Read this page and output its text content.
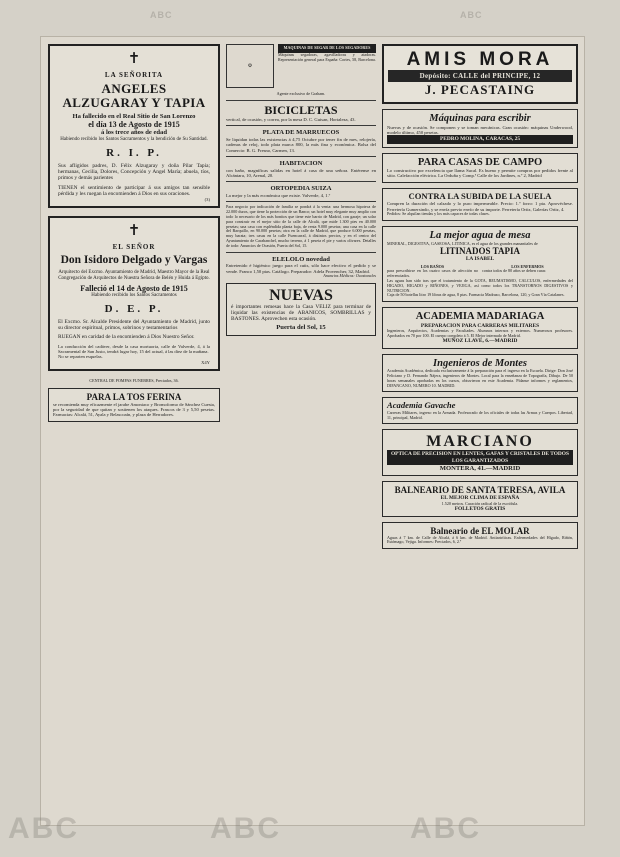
✝
LA SEÑORITA
ANGELES ALZUGARAY Y TAPIA
Ha fallecido en el Real Sitio de San Lorenzo
el día 13 de Agosto de 1915
á los trece años de edad
Habiendo recibido los Santos Sacramentos y la bendición de Su Santidad.
R. I. P.
Sus afligidos padres, D. Félix Alzugaray y doña Pilar Tapia; hermanas, Cecilia, Dolores, Concepción y Angel María; abuela, tíos, primos y demás parientes
TIENEN el sentimiento de participar á sus amigos tan sensible pérdida y les ruegan la encomienden á Dios en sus oraciones.
(3)
✝
EL SEÑOR
Don Isidoro Delgado y Vargas
Arquitecto del Excmo. Ayuntamiento de Madrid, Maestro Mayor de la Real Congregación de Arquitectos de Nuestra Señora de Belén y Huida á Egipto.
Falleció el 14 de Agosto de 1915
Habiendo recibido los Santos Sacramentos
D. E. P.
El Excmo. Sr. Alcalde Presidente del Ayuntamiento de Madrid, junto su director espiritual, primos, sobrinos y testamentarios
RUEGAN en caridad de la encomienden á Dios Nuestro Señor.
La conducción del cadáver, desde la casa mortuoria, calle de Valverde, 4, á la Sacramental de San Justo, tendrá lugar hoy, 15 del actual, á las diez de la mañana.
No se reparten esquelas.
X4Y
CENTRAL DE POMPAS FUNEBRES, Preciados, 36.
PARA LA TOS FERINA
se recomienda muy eficazmente el jarabe Amoniaco y Bromoformo de Sánchez Cuesta, por la seguridad de que quitan y sostienen los ataques. Frascos de 3 y 5,50 pesetas. Farmacias: Alcalá, 51, Ayala y Belascoaín, y plaza de Herradores.
⚙
MAQUINAS DE SEGAR DE LOS SEGADORES
Máquinas segadoras, agavilladoras y atadoras. Representación general para España: Cortes, 58, Barcelona.
Agente exclusivo de Graham.
BICICLETAS
vertical, de ocasión, y correa, por la mesa D. C. Guisan, Hortaleza, 43.
PLATA DE MARRUECOS
Se liquidan todas las existencias á 4,75 Octubre por tener fin de mes, relojería, cadenas de reloj, todo plata marca 800, la más fina y económica. Bolsa del Comercio: B. G. Fresno, Carmen, 13.
HABITACION
con baño, magníficas salidas en hotel á casa de una señora. Entérense en Alcántara, 10, Arenal, 20.
ORTOPEDIA SUIZA
La mejor y la más económica que existe. Valverde, 4, 1.º
Para negocio por indicación de familia se pondrá á la venta: una hermosa hipoteca de 22.000 duros, que tiene la protección de un Banco; un hotel muy elegante muy amplio con todo lo necesario de los más bonitos que tiene este barrio de Madrid, con garaje; un solar para construir en el mejor sitio de la calle de Alcalá, que mide 1.300 pies en 40.000 pesetas; una casa con espléndida planta baja, de renta 9.000 pesetas; una casa en la calle del Barquillo, en 90.000 pesetas; otra en la calle de Madrid, que produce 6.000 pesetas, muy barata; tres casas en la calle Fuencarral, á distintos precios, y en el centro del Ayuntamiento de Carabanchel, mucho terreno, á 1 peseta el pie y varios olivares. Detalles de todo: Anuncios de Ocasión, Puerta del Sol, 15.
ELELOLO novedad
Entretenido é higiénico juego para el cutis, sólo hace efectivo el pedido y se vende. Franco 1,50 ptas. Catálogo. Preparador: Adela Provencher, 32, Madrid.
Anuncios Médicos: Ocasionales
NUEVAS
é importantes remesas hace la Casa VELIZ para terminar de liquidar las existencias de ABANICOS, SOMBRILLAS y BASTONES. Aprovechen esta ocasión.
Puerta del Sol, 15
AMIS MORA
Depósito: CALLE del PRINCIPE, 12
J. PECASTAING
Máquinas para escribir
Nuevas y de ocasión. Se componen y se toman mecánicas. Gran ocasión: máquinas Underwood, modelo último, 450 pesetas.
PEDRO MOLINA, CARACAS, 25
PARA CASAS DE CAMPO
Lo constructivo por excelencia que llama Sucal. Es bueno y permite compras por pedidos frente al sitio. Calefacción eléctrica. La Orduña y Comp.ª Calle de los Jardines, n.º 2, Madrid
CONTRA LA SUBIDA DE LA SUELA
Compren la duración del calzado y lo puro impermeable. Precio: 1.º forro: 1 pta. Aprovéchese. Ferretería Gumersindo, y se envía previo envío de su importe. Ferretería Ortiz, Galerías Ortiz, 4.
Pedidos: Se alquilan tiendas y los más capaces de todas clases.
La mejor agua de mesa
MINERAL, DIGESTIVA, GASEOSA, LITINICA, es el agua de los grandes manantiales de
LITINADOS TAPIA
LA ISABEL
LOS BAÑOS
para prescribirse en los cuatro casos de afección no referenciados.
LOS ENFERMOS
contra todos de 80 años se deben curar.
Las aguas han sido tras que el tratamiento de la GOTA, REUMATISMO, CALCULOS, enfermedades del HIGADO, HIGADO y RIÑONES, y VEJIGA, así como todos los TRANSTORNOS DIGESTIVOS y NUTRICION.
Caja de 50 botellas litro 19 libras de agua, 8 ptas. Farmacia Madrazo, Barcelona, 120, y Gran Vía Catalanes.
ACADEMIA MADARIAGA
PREPARACION PARA CARRERAS MILITARES
Ingenieros, Arquitectos, Academias y Facultades. Alumnos internos y externos. Numerosos profesores. Aprobados en 70 por 100. El cuerpo completo á 5. El Mejor internado de Madrid.
MUÑOZ LLAVE, 6.—MADRID
Ingenieros de Montes
Academia Académica, dedicada exclusivamente á la preparación para el ingreso en la Escuela. Dirige: Don José Feliciano y D. Fernando Nájera, ingenieros de Montes. Local para la enseñanza de Topografía, Dibujo. De 50 horas semanales aprobadas en los cursos, obtuvieron en este Academia. Pídanse informes y reglamentos, DIFANCANO, NUMERO 10. MADRID.
Academia Gavache
Carreras Militares, ingreso en la Armada. Profesorado de los oficiales de todas las Armas y Cuerpos. Libertad, 11, principal, Madrid.
MARCIANO
OPTICA DE PRECISION EN LENTES, GAFAS Y CRISTALES DE TODOS LOS GARANTIZADOS
MONTERA, 41.—MADRID
BALNEARIO DE SANTA TERESA, AVILA
EL MEJOR CLIMA DE ESPAÑA
1.520 metros. Curación radical de la escrófula.
FOLLETOS GRATIS
Balneario de EL MOLAR
Aguas á 7 km. de Calle de Alcalá, á 6 km. de Madrid. Antiartríticas. Enfermedades del Hígado, Riñón, Estómago, Vejiga. Informes: Preciados, 6, 2.º
ABC	ABC	ABC
ABC	ABC
